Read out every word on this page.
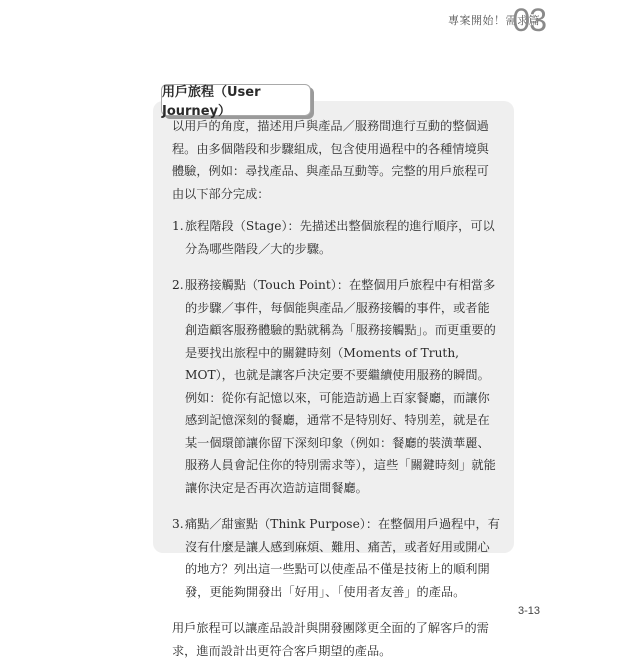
專案開始！需求篇
03
用戶旅程（User Journey）

以用戶的角度，描述用戶與產品／服務間進行互動的整個過程。由多個階段和步驟組成，包含使用過程中的各種情境與體驗，例如：尋找產品、與產品互動等。完整的用戶旅程可由以下部分完成：

1. 旅程階段（Stage）：先描述出整個旅程的進行順序，可以分為哪些階段／大的步驟。
2. 服務接觸點（Touch Point）：在整個用戶旅程中有相當多的步驟／事件，每個能與產品／服務接觸的事件，或者能創造顧客服務體驗的點就稱為「服務接觸點」。而更重要的是要找出旅程中的關鍵時刻（Moments of Truth, MOT），也就是讓客戶決定要不要繼續使用服務的瞬間。例如：從你有記憶以來，可能造訪過上百家餐廳，而讓你感到記憶深刻的餐廳，通常不是特別好、特別差，就是在某一個環節讓你留下深刻印象（例如：餐廳的裝潢華麗、服務人員會記住你的特別需求等），這些「關鍵時刻」就能讓你決定是否再次造訪這間餐廳。
3. 痛點／甜蜜點（Think Purpose）：在整個用戶過程中，有沒有什麼是讓人感到麻煩、難用、痛苦，或者好用或開心的地方？列出這一些點可以使產品不僅是技術上的順利開發，更能夠開發出「好用」、「使用者友善」的產品。

用戶旅程可以讓產品設計與開發團隊更全面的了解客戶的需求，進而設計出更符合客戶期望的產品。

3-13
